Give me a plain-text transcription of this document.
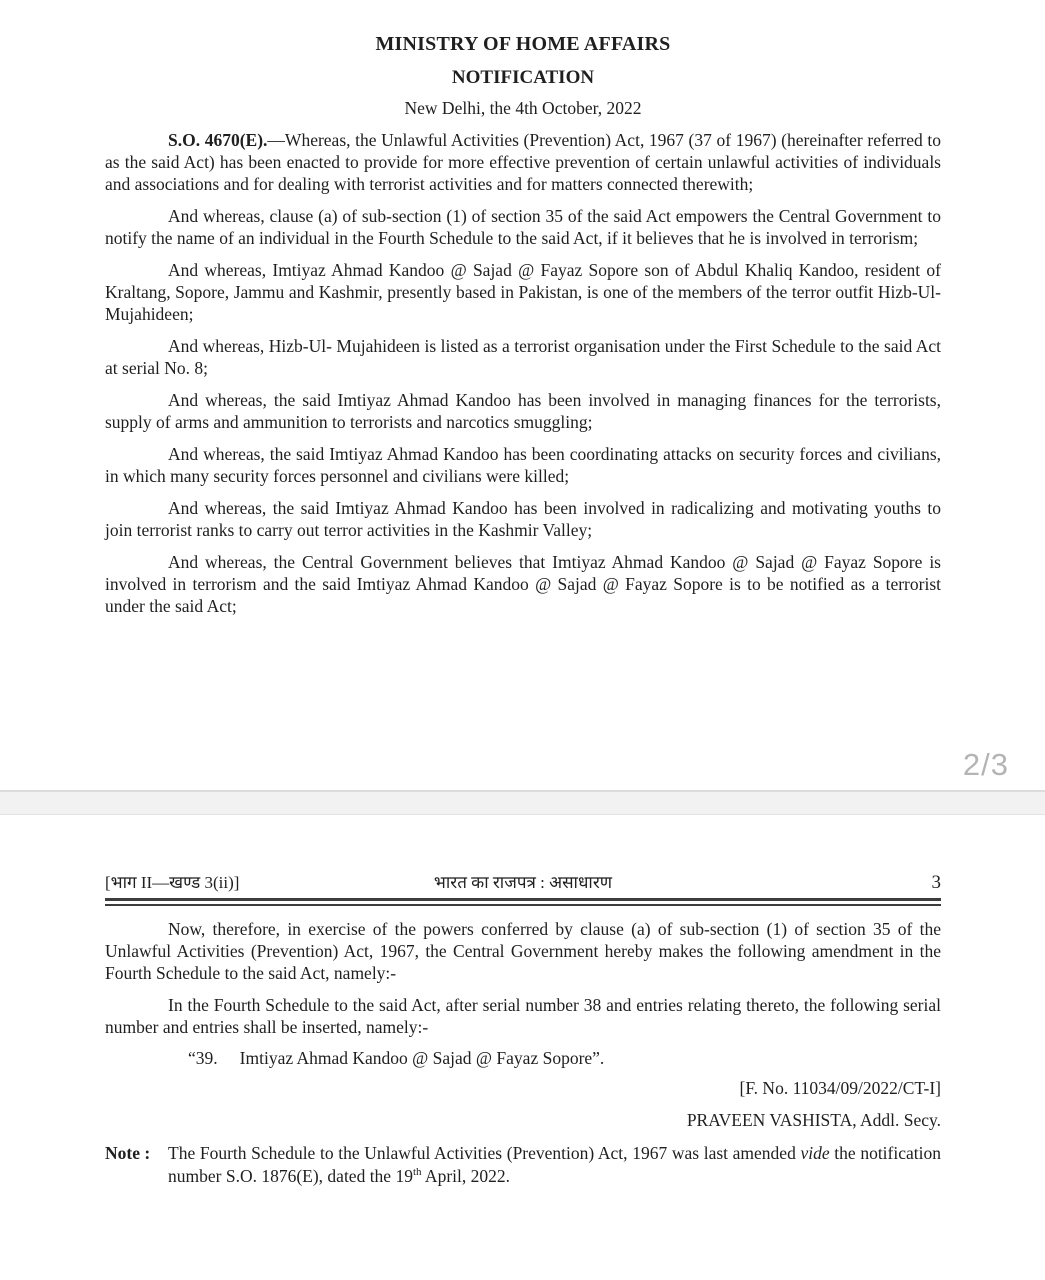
MINISTRY OF HOME AFFAIRS
NOTIFICATION

New Delhi, the 4th October, 2022

S.O. 4670(E).—Whereas, the Unlawful Activities (Prevention) Act, 1967 (37 of 1967) (hereinafter referred to as the said Act) has been enacted to provide for more effective prevention of certain unlawful activities of individuals and associations and for dealing with terrorist activities and for matters connected therewith;

And whereas, clause (a) of sub-section (1) of section 35 of the said Act empowers the Central Government to notify the name of an individual in the Fourth Schedule to the said Act, if it believes that he is involved in terrorism;

And whereas, Imtiyaz Ahmad Kandoo @ Sajad @ Fayaz Sopore son of Abdul Khaliq Kandoo, resident of Kraltang, Sopore, Jammu and Kashmir, presently based in Pakistan, is one of the members of the terror outfit Hizb-Ul- Mujahideen;

And whereas, Hizb-Ul- Mujahideen is listed as a terrorist organisation under the First Schedule to the said Act at serial No. 8;

And whereas, the said Imtiyaz Ahmad Kandoo has been involved in managing finances for the terrorists, supply of arms and ammunition to terrorists and narcotics smuggling;

And whereas, the said Imtiyaz Ahmad Kandoo has been coordinating attacks on security forces and civilians, in which many security forces personnel and civilians were killed;

And whereas, the said Imtiyaz Ahmad Kandoo has been involved in radicalizing and motivating youths to join terrorist ranks to carry out terror activities in the Kashmir Valley;

And whereas, the Central Government believes that Imtiyaz Ahmad Kandoo @ Sajad @ Fayaz Sopore is involved in terrorism and the said Imtiyaz Ahmad Kandoo @ Sajad @ Fayaz Sopore is to be notified as a terrorist under the said Act;

2/3
[भाग II—खण्ड 3(ii)]	भारत का राजपत्र : असाधारण	3

Now, therefore, in exercise of the powers conferred by clause (a) of sub-section (1) of section 35 of the Unlawful Activities (Prevention) Act, 1967, the Central Government hereby makes the following amendment in the Fourth Schedule to the said Act, namely:-

In the Fourth Schedule to the said Act, after serial number 38 and entries relating thereto, the following serial number and entries shall be inserted, namely:-

“39. Imtiyaz Ahmad Kandoo @ Sajad @ Fayaz Sopore”.

[F. No. 11034/09/2022/CT-I]

PRAVEEN VASHISTA, Addl. Secy.

Note :	The Fourth Schedule to the Unlawful Activities (Prevention) Act, 1967 was last amended vide the notification number S.O. 1876(E), dated the 19th April, 2022.
